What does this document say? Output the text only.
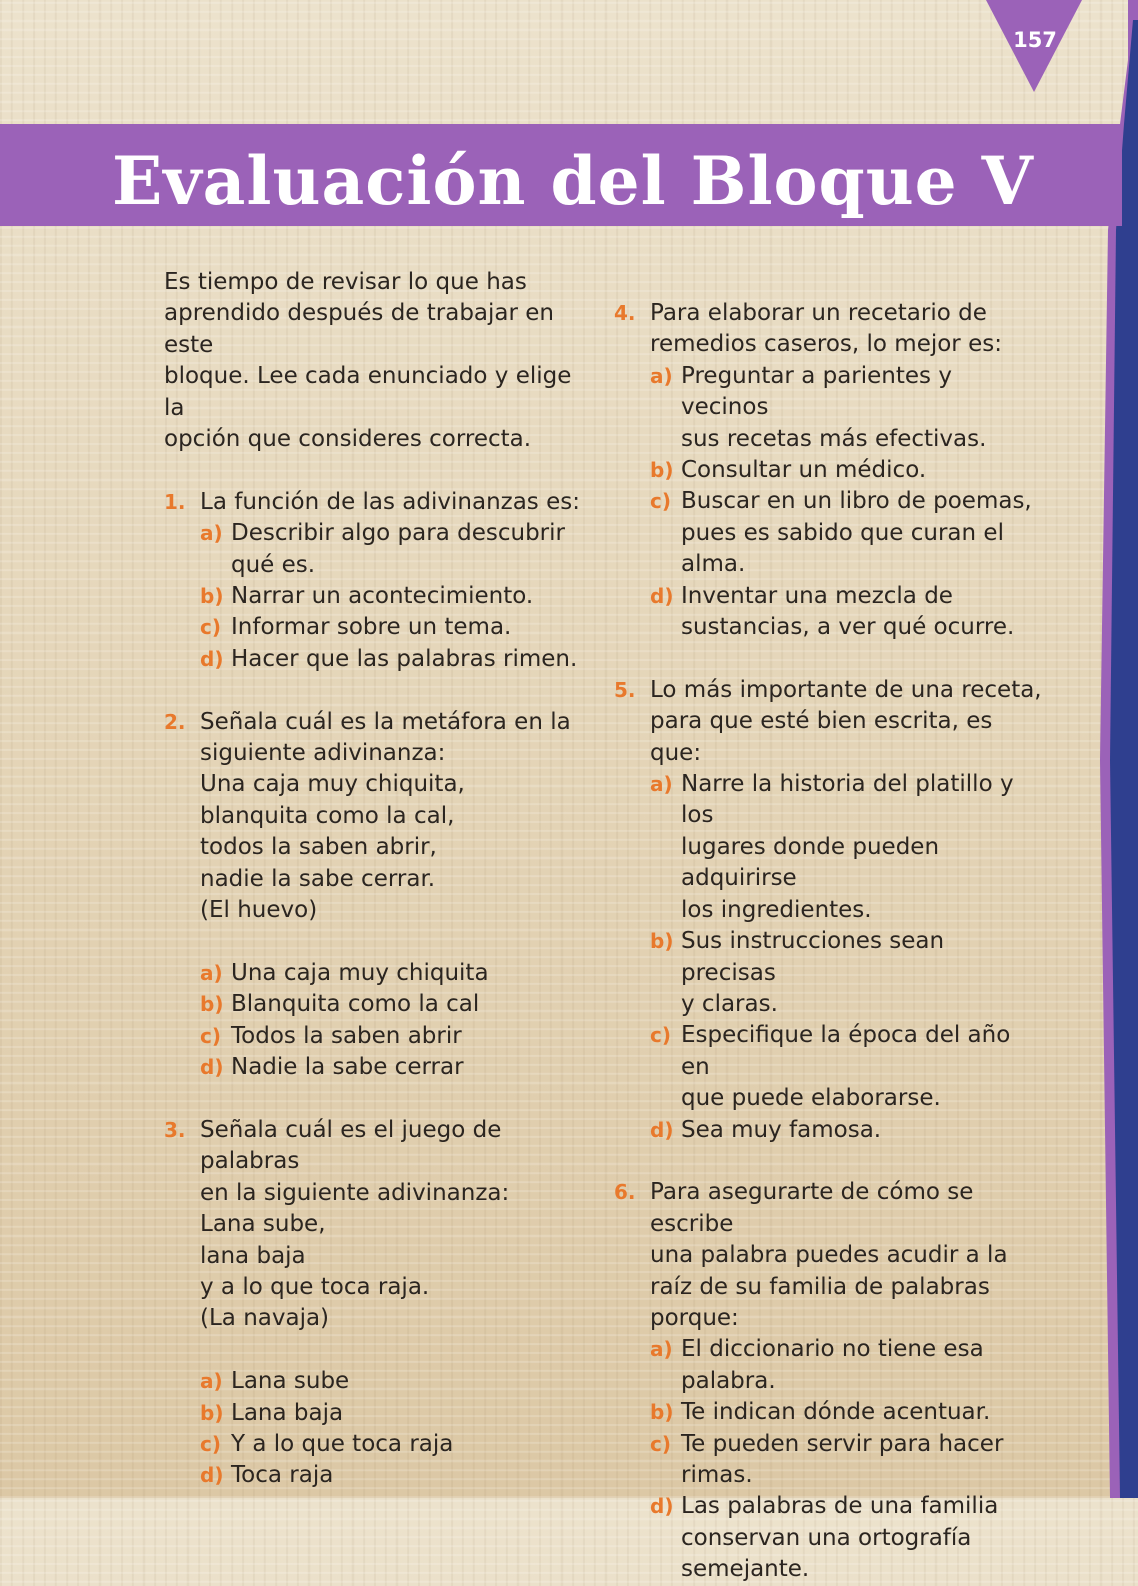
157
Evaluación del Bloque V
Es tiempo de revisar lo que has
aprendido después de trabajar en este
bloque. Lee cada enunciado y elige la
opción que consideres correcta.
1. La función de las adivinanzas es:
a) Describir algo para descubrir
qué es.
b) Narrar un acontecimiento.
c) Informar sobre un tema.
d) Hacer que las palabras rimen.
2. Señala cuál es la metáfora en la
siguiente adivinanza:
Una caja muy chiquita,
blanquita como la cal,
todos la saben abrir,
nadie la sabe cerrar.
(El huevo)
a) Una caja muy chiquita
b) Blanquita como la cal
c) Todos la saben abrir
d) Nadie la sabe cerrar
3. Señala cuál es el juego de palabras
en la siguiente adivinanza:
Lana sube,
lana baja
y a lo que toca raja.
(La navaja)
a) Lana sube
b) Lana baja
c) Y a lo que toca raja
d) Toca raja
4. Para elaborar un recetario de
remedios caseros, lo mejor es:
a) Preguntar a parientes y vecinos
sus recetas más efectivas.
b) Consultar un médico.
c) Buscar en un libro de poemas,
pues es sabido que curan el
alma.
d) Inventar una mezcla de
sustancias, a ver qué ocurre.
5. Lo más importante de una receta,
para que esté bien escrita, es que:
a) Narre la historia del platillo y los
lugares donde pueden adquirirse
los ingredientes.
b) Sus instrucciones sean precisas
y claras.
c) Especifique la época del año en
que puede elaborarse.
d) Sea muy famosa.
6. Para asegurarte de cómo se escribe
una palabra puedes acudir a la
raíz de su familia de palabras
porque:
a) El diccionario no tiene esa
palabra.
b) Te indican dónde acentuar.
c) Te pueden servir para hacer
rimas.
d) Las palabras de una familia
conservan una ortografía
semejante.
